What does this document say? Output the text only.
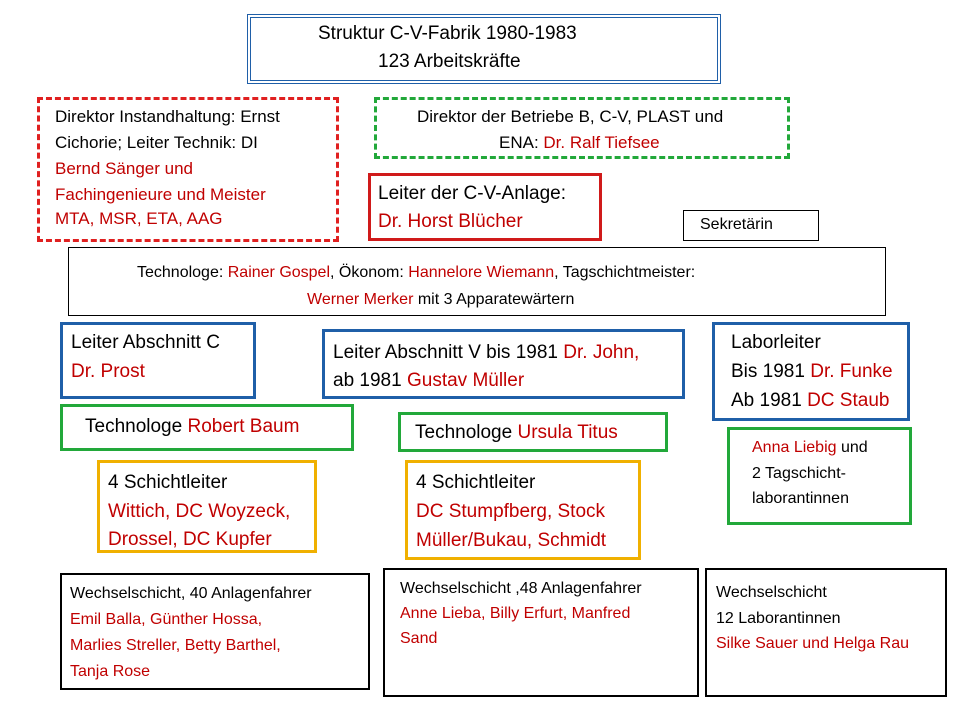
Struktur C-V-Fabrik 1980-1983
123 Arbeitskräfte
Direktor Instandhaltung: Ernst
Cichorie; Leiter Technik: DI
Bernd Sänger und
Fachingenieure und Meister
MTA, MSR, ETA, AAG
Direktor der Betriebe B, C-V, PLAST und
ENA: Dr. Ralf Tiefsee
Leiter der C-V-Anlage:
Dr. Horst Blücher	Sekretärin
Technologe: Rainer Gospel, Ökonom: Hannelore Wiemann, Tagschichtmeister:
Werner Merker mit 3 Apparatewärtern
Leiter Abschnitt C
Dr. Prost
Leiter Abschnitt V bis 1981 Dr. John,
ab 1981 Gustav Müller
Laborleiter
Bis 1981 Dr. Funke
Ab 1981 DC Staub
Technologe Robert Baum	Technologe Ursula Titus
Anna Liebig und
2 Tagschicht-
laborantinnen
4 Schichtleiter
Wittich, DC Woyzeck,
Drossel, DC Kupfer
4 Schichtleiter
DC Stumpfberg, Stock
Müller/Bukau, Schmidt
Wechselschicht, 40 Anlagenfahrer
Emil Balla, Günther Hossa,
Marlies Streller, Betty Barthel,
Tanja Rose
Wechselschicht ,48 Anlagenfahrer
Anne Lieba, Billy Erfurt, Manfred
Sand
Wechselschicht
12 Laborantinnen
Silke Sauer und Helga Rau
